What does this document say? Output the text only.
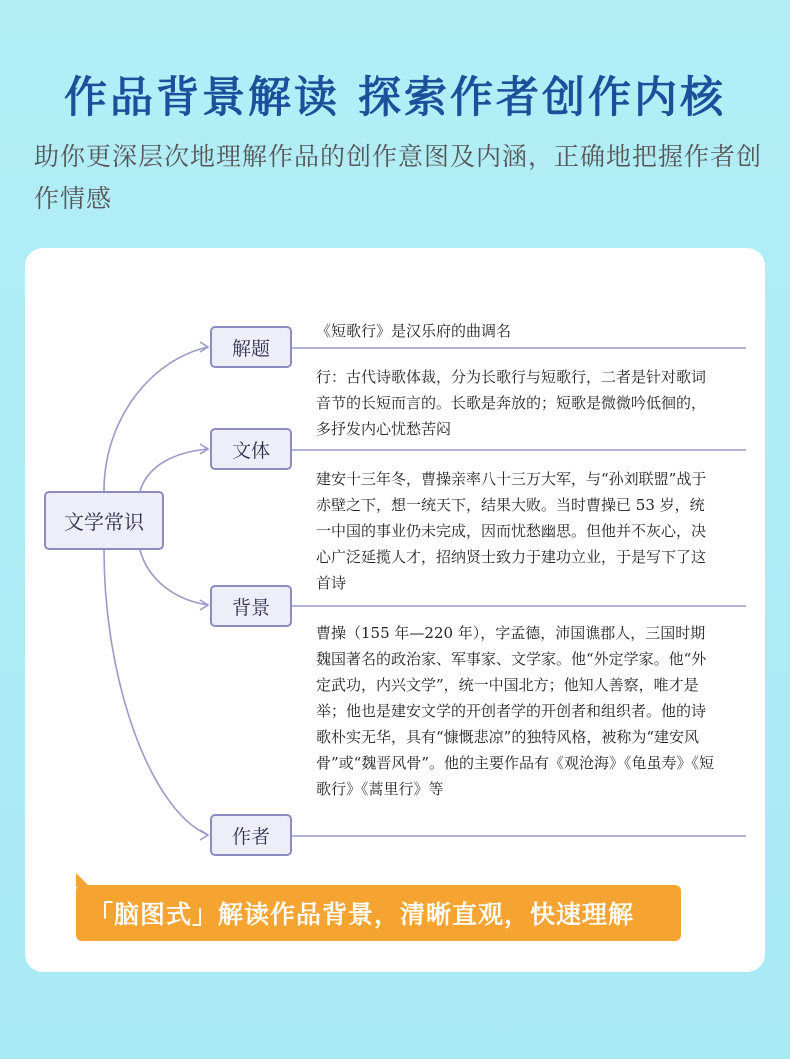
作品背景解读 探索作者创作内核
助你更深层次地理解作品的创作意图及内涵，正确地把握作者创作情感
文学常识
解题
文体
背景
作者
《短歌行》是汉乐府的曲调名
行：古代诗歌体裁，分为长歌行与短歌行，二者是针对歌词音节的长短而言的。长歌是奔放的；短歌是微微吟低徊的，多抒发内心忧愁苦闷
建安十三年冬，曹操亲率八十三万大军，与“孙刘联盟”战于赤壁之下，想一统天下，结果大败。当时曹操已 53 岁，统一中国的事业仍未完成，因而忧愁幽思。但他并不灰心，决心广泛延揽人才，招纳贤士致力于建功立业，于是写下了这首诗
曹操（155 年—220 年），字孟德，沛国谯郡人，三国时期魏国著名的政治家、军事家、文学家。他“外定学家。他“外定武功，内兴文学”，统一中国北方；他知人善察，唯才是举；他也是建安文学的开创者学的开创者和组织者。他的诗歌朴实无华，具有“慷慨悲凉”的独特风格，被称为“建安风骨”或“魏晋风骨”。他的主要作品有《观沧海》《龟虽寿》《短歌行》《蒿里行》等
「脑图式」解读作品背景，清晰直观，快速理解
